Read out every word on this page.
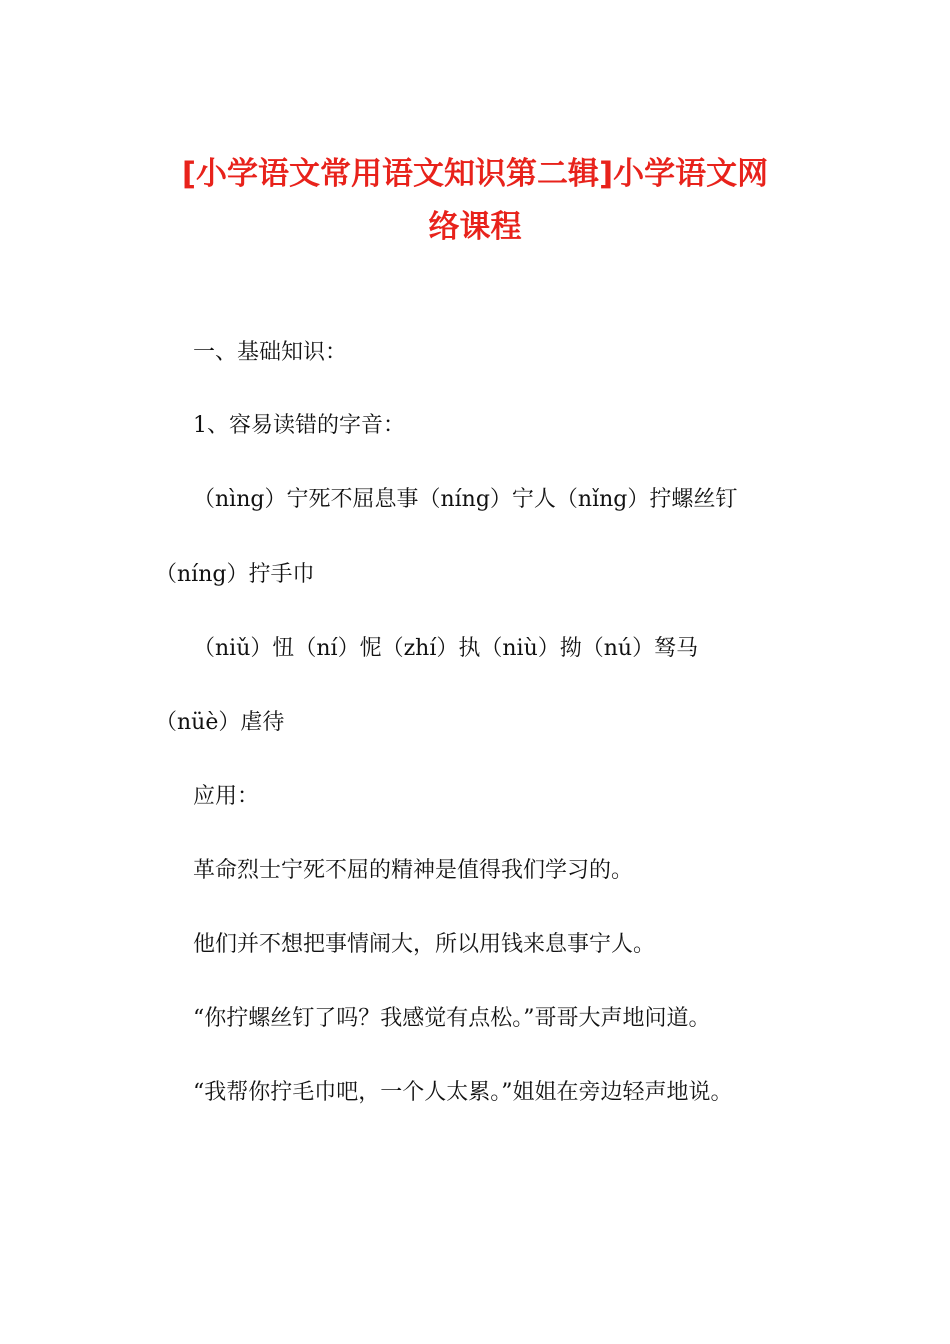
[小学语文常用语文知识第二辑]小学语文网
络课程

一、基础知识：

1、容易读错的字音：

（nìng）宁死不屈息事（níng）宁人（nǐng）拧螺丝钉

（níng）拧手巾

（niǔ）忸（ní）怩（zhí）执（niù）拗（nú）驽马

（nüè）虐待

应用：

革命烈士宁死不屈的精神是值得我们学习的。

他们并不想把事情闹大，所以用钱来息事宁人。

“你拧螺丝钉了吗？我感觉有点松。”哥哥大声地问道。

“我帮你拧毛巾吧，一个人太累。”姐姐在旁边轻声地说。
